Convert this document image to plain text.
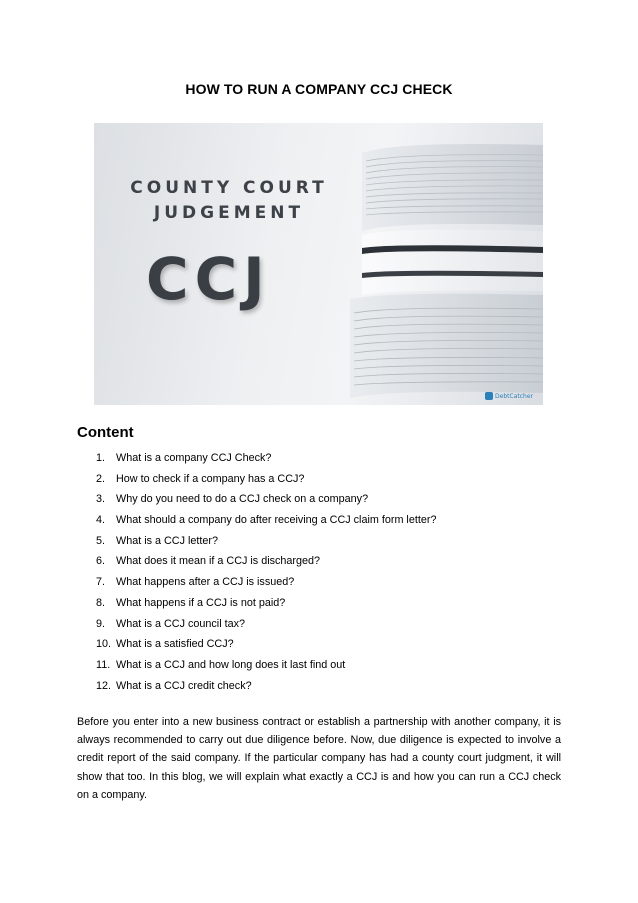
HOW TO RUN A COMPANY CCJ CHECK
COUNTY COURT
JUDGEMENT
CCJ
DebtCatcher
Content
1.	What is a company CCJ Check?
2.	How to check if a company has a CCJ?
3.	Why do you need to do a CCJ check on a company?
4.	What should a company do after receiving a CCJ claim form letter?
5.	What is a CCJ letter?
6.	What does it mean if a CCJ is discharged?
7.	What happens after a CCJ is issued?
8.	What happens if a CCJ is not paid?
9.	What is a CCJ council tax?
10. What is a satisfied CCJ?
11. What is a CCJ and how long does it last find out
12. What is a CCJ credit check?

Before you enter into a new business contract or establish a partnership with another company, it is always recommended to carry out due diligence before. Now, due diligence is expected to involve a credit report of the said company. If the particular company has had a county court judgment, it will show that too. In this blog, we will explain what exactly a CCJ is and how you can run a CCJ check on a company.
